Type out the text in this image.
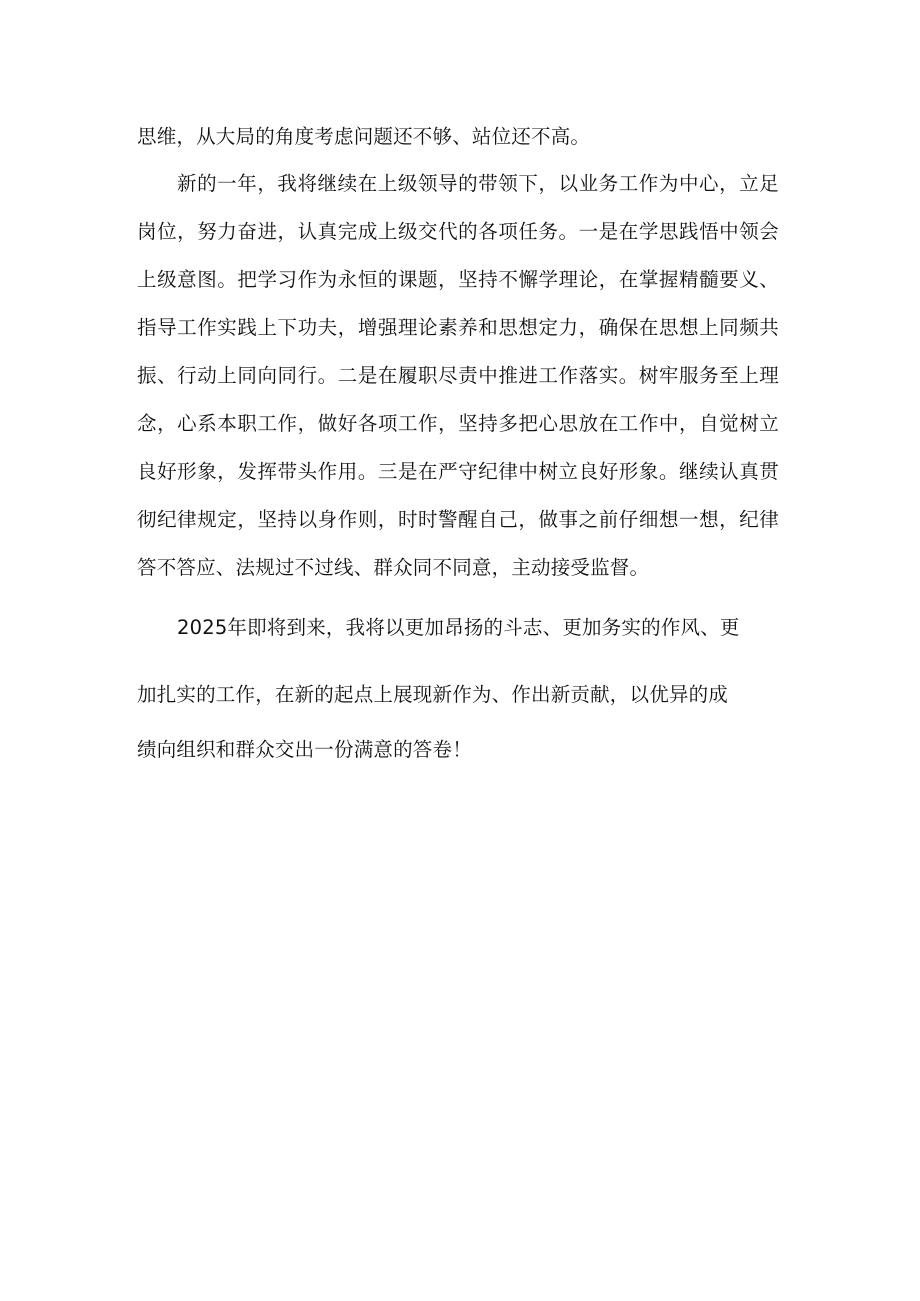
思维，从大局的角度考虑问题还不够、站位还不高。

新的一年，我将继续在上级领导的带领下，以业务工作为中心，立足

岗位，努力奋进，认真完成上级交代的各项任务。一是在学思践悟中领会

上级意图。把学习作为永恒的课题，坚持不懈学理论，在掌握精髓要义、

指导工作实践上下功夫，增强理论素养和思想定力，确保在思想上同频共

振、行动上同向同行。二是在履职尽责中推进工作落实。树牢服务至上理

念，心系本职工作，做好各项工作，坚持多把心思放在工作中，自觉树立

良好形象，发挥带头作用。三是在严守纪律中树立良好形象。继续认真贯

彻纪律规定，坚持以身作则，时时警醒自己，做事之前仔细想一想，纪律

答不答应、法规过不过线、群众同不同意，主动接受监督。

2025年即将到来，我将以更加昂扬的斗志、更加务实的作风、更

加扎实的工作，在新的起点上展现新作为、作出新贡献，以优异的成

绩向组织和群众交出一份满意的答卷！
